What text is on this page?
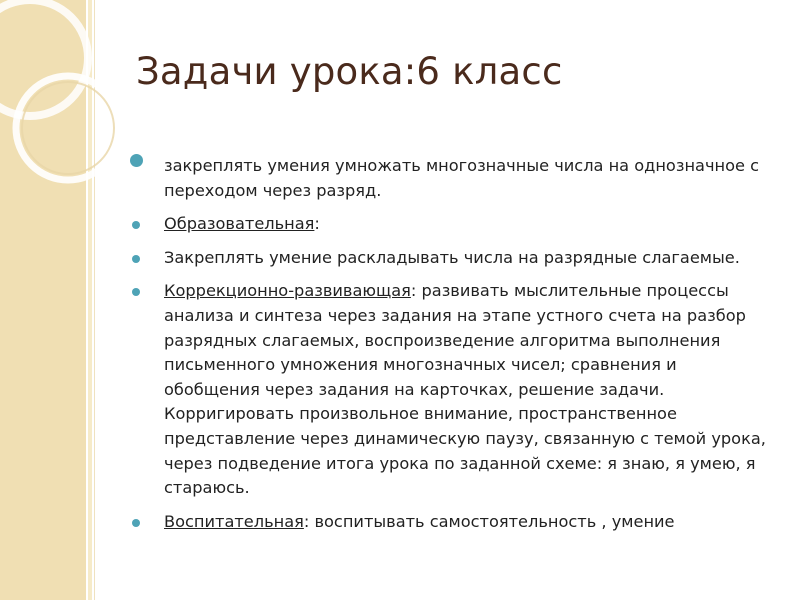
Задачи урока:6 класс
закреплять умения умножать многозначные числа на однозначное с переходом через разряд.
Образовательная:
Закреплять умение раскладывать числа на разрядные слагаемые.
Коррекционно-развивающая: развивать мыслительные процессы анализа и синтеза через задания на этапе устного счета на разбор разрядных слагаемых, воспроизведение алгоритма выполнения письменного умножения многозначных чисел; сравнения и обобщения через задания на карточках, решение задачи. Корригировать произвольное внимание, пространственное представление через динамическую паузу, связанную с темой урока, через подведение итога урока по заданной схеме: я знаю, я умею, я стараюсь.
Воспитательная: воспитывать самостоятельность , умение
